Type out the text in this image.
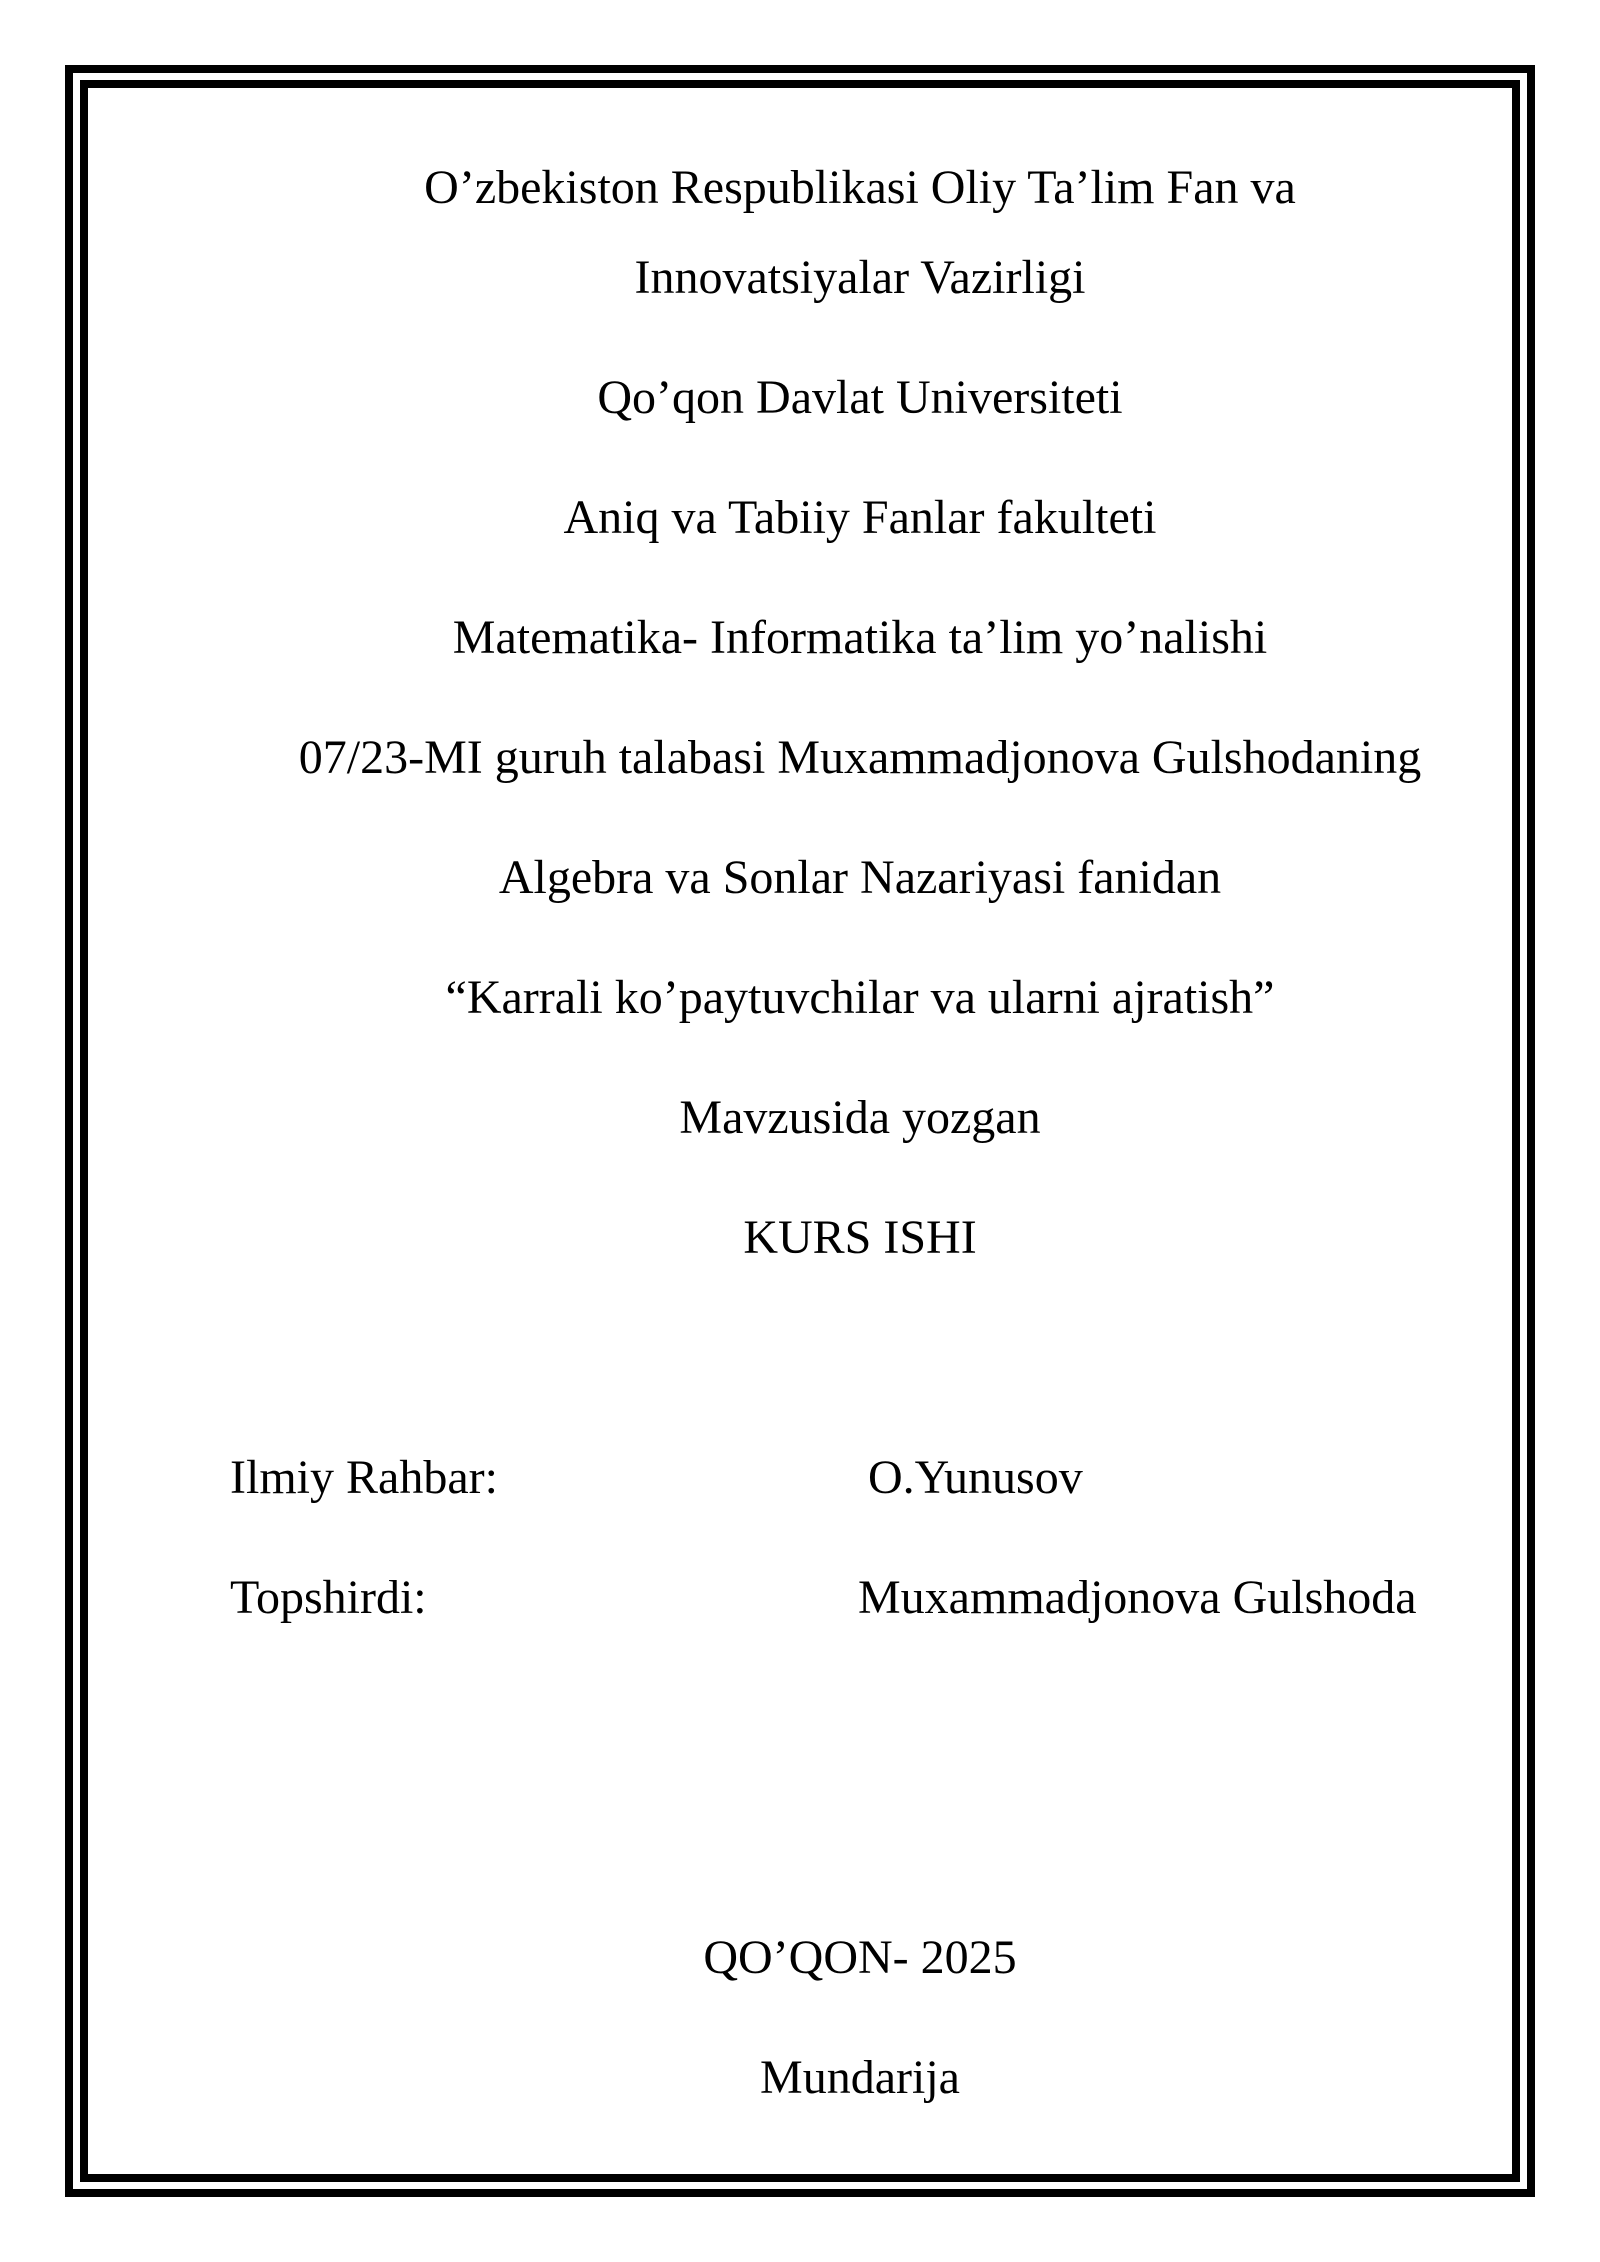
O’zbekiston Respublikasi Oliy Ta’lim Fan va
Innovatsiyalar Vazirligi
Qo’qon Davlat Universiteti
Aniq va Tabiiy Fanlar fakulteti
Matematika- Informatika ta’lim yo’nalishi
07/23-MI guruh talabasi Muxammadjonova Gulshodaning
Algebra va Sonlar Nazariyasi fanidan
“Karrali ko’paytuvchilar va ularni ajratish”
Mavzusida yozgan
KURS ISHI
Ilmiy Rahbar:	O.Yunusov
Topshirdi:	Muxammadjonova Gulshoda
QO’QON- 2025
Mundarija
